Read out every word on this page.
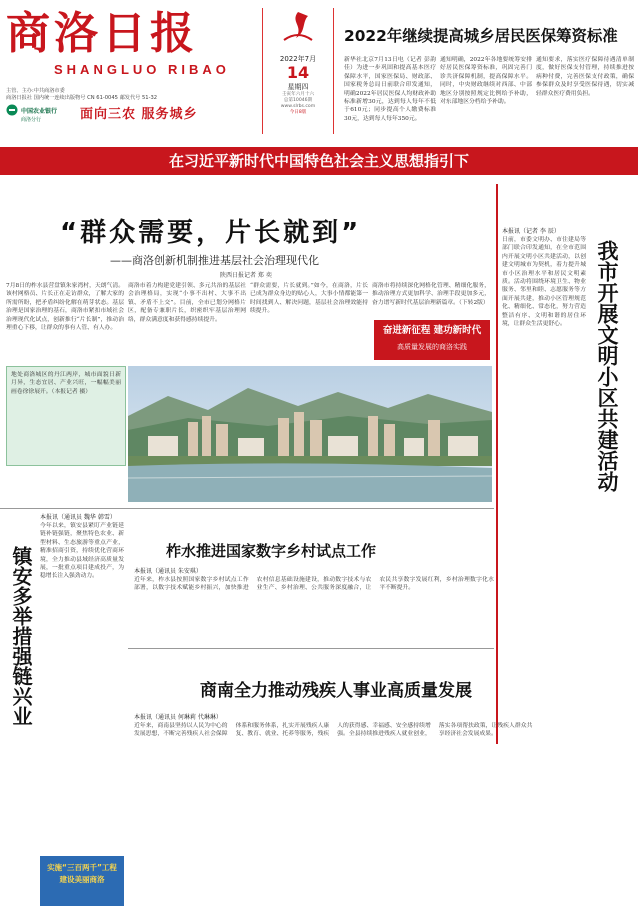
商洛日报
SHANGLUO RIBAO
主管、主办:中共商洛市委
商洛日报社 国内统一连续出版物号 CN 61-0045 邮发代号 51-32
中国农业银行
商洛分行	面向三农 服务城乡
2022年7月
14
星期四
壬寅年六月十六
总第10046期
www.slrbs.com
今日8版
2022年继续提高城乡居民医保筹资标准
新华社北京7月13日电（记者 彭韵佳）为进一步巩固和提高基本医疗保障水平，国家医保局、财政部、国家税务总局日前联合印发通知，明确2022年居民医保人均财政补助标准新增30元，达到每人每年不低于610元；同步提高个人缴费标准30元，达到每人每年350元。
通知明确，2022年各地要统筹安排好居民医保筹资标准，巩固完善门诊共济保障机制，提高保障水平。同时，中央财政继续对西部、中部地区分别按照规定比例给予补助，对东部地区分档给予补助。
通知要求，落实医疗保障待遇清单制度，做好医保支付管理，持续推进按病种付费，完善医保支付政策，确保参保群众及时享受医保待遇，切实减轻群众医疗费用负担。
在习近平新时代中国特色社会主义思想指引下
“群众需要，片长就到”
——商洛创新机制推进基层社会治理现代化
陕西日报记者 郑 奕
7月8日的柞水县营盘镇朱家湾村，天朗气清。该村网格员、片长正在走访群众，了解大家的所需所盼，把矛盾纠纷化解在萌芽状态。基层治理是国家治理的基石，商洛市紧扣市域社会治理现代化试点，创新推行“片长制”，推动治理重心下移，让群众的事有人管、有人办。
商洛市着力构建党建引领、多元共治的基层社会治理格局，实现“小事不出村、大事不出镇、矛盾不上交”。目前，全市已划分网格片区，配备专兼职片长，织密织牢基层治理网络，群众满意度和获得感持续提升。
“群众需要，片长就到。”如今，在商洛，片长已成为群众身边的贴心人，大事小情都能第一时间找到人、解决问题，基层社会治理效能持续提升。
商洛市将持续深化网格化管理、精细化服务，推动治理方式更加科学、治理手段更加多元，奋力谱写新时代基层治理新篇章。（下转2版）
奋进新征程 建功新时代
高质量发展的商洛实践
地处商洛城区的丹江两岸，城市面貌日新月异，生态宜居、产业兴旺，一幅幅美丽画卷徐徐展开。（本报记者 摄）	我市开展文明小区共建活动
本报讯（记者 李 辰）
日前，市委文明办、市住建局等部门联合印发通知，在全市范围内开展文明小区共建活动，以创建文明城市为契机，着力提升城市小区治理水平和居民文明素质。活动将围绕环境卫生、物业服务、邻里和睦、志愿服务等方面开展共建，推动小区管理规范化、精细化、常态化，努力营造整洁有序、文明和谐的居住环境，让群众生活更舒心。
镇安多举措强链兴业
本报讯（通讯员 魏华 韩雪）
今年以来，镇安县紧盯产业链延链补链强链，聚焦特色农业、新型材料、生态旅游等重点产业，精准招商引资，持续优化营商环境，全力推动县域经济高质量发展，一批重点项目建成投产，为稳增长注入强劲动力。
柞水推进国家数字乡村试点工作
本报讯（通讯员 朱安琪）
近年来，柞水县按照国家数字乡村试点工作部署，以数字技术赋能乡村振兴，加快推进农村信息基础设施建设，推动数字技术与农业生产、乡村治理、公共服务深度融合，让农民共享数字发展红利，乡村治理数字化水平不断提升。
商南全力推动残疾人事业高质量发展
本报讯（通讯员 何琳莉 代琳琳）
近年来，商南县坚持以人民为中心的发展思想，不断完善残疾人社会保障体系和服务体系，扎实开展残疾人康复、教育、就业、托养等服务，残疾人的获得感、幸福感、安全感持续增强。全县持续推进残疾人就业创业，落实各项帮扶政策，让残疾人群众共享经济社会发展成果。
实施“三百两千”工程 建设美丽商洛
